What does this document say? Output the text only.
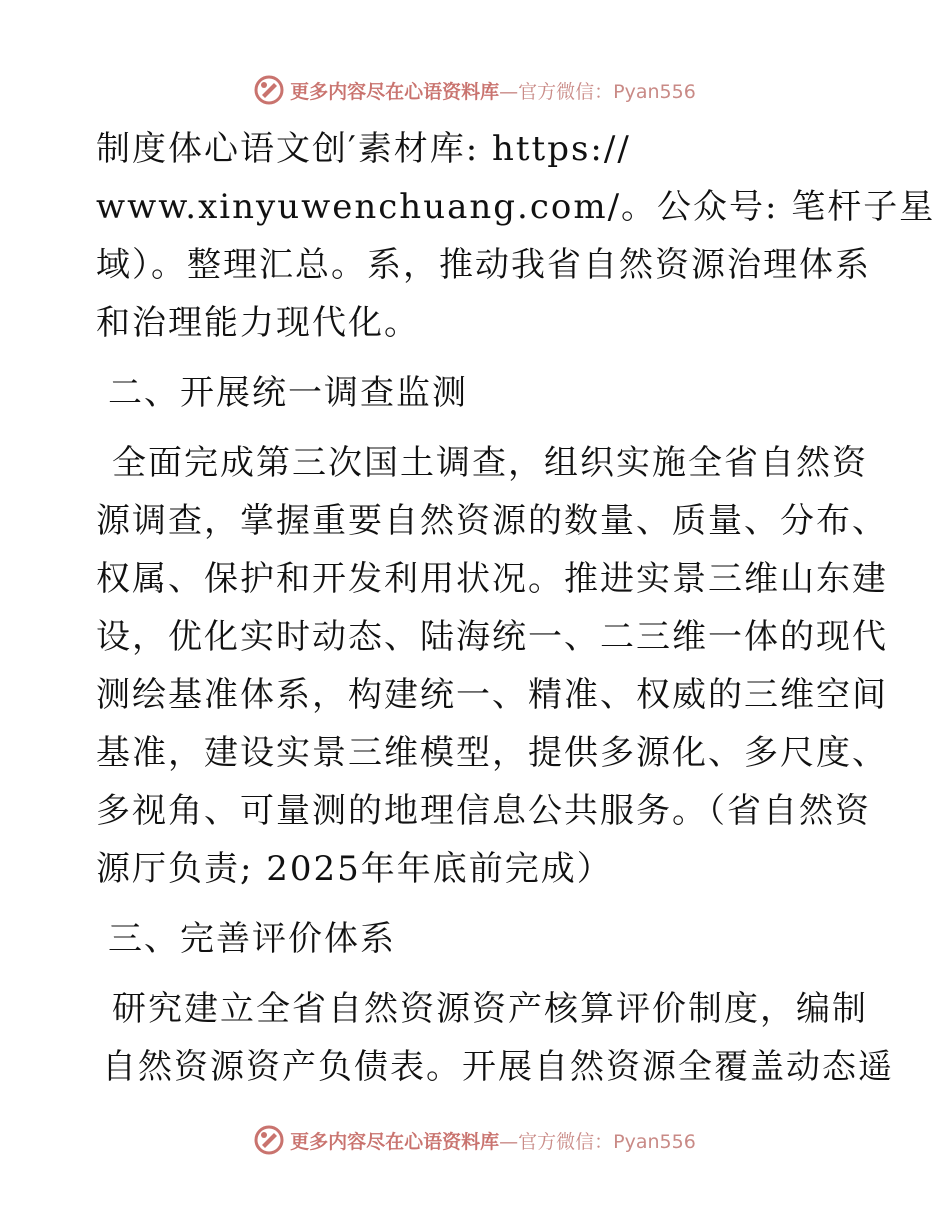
更多内容尽在心语资料库—官方微信：Pyan556
制度体心语文创′素材库: https://
www.xinyuwenchuang.com/。公众号: 笔杆子星
域）。整理汇总。系，推动我省自然资源治理体系
和治理能力现代化。
二、开展统一调查监测
全面完成第三次国土调查，组织实施全省自然资
源调查，掌握重要自然资源的数量、质量、分布、
权属、保护和开发利用状况。推进实景三维山东建
设，优化实时动态、陆海统一、二三维一体的现代
测绘基准体系，构建统一、精准、权威的三维空间
基准，建设实景三维模型，提供多源化、多尺度、
多视角、可量测的地理信息公共服务。（省自然资
源厅负责; 2025年年底前完成）
三、完善评价体系
研究建立全省自然资源资产核算评价制度，编制
自然资源资产负债表。开展自然资源全覆盖动态遥
更多内容尽在心语资料库—官方微信：Pyan556
